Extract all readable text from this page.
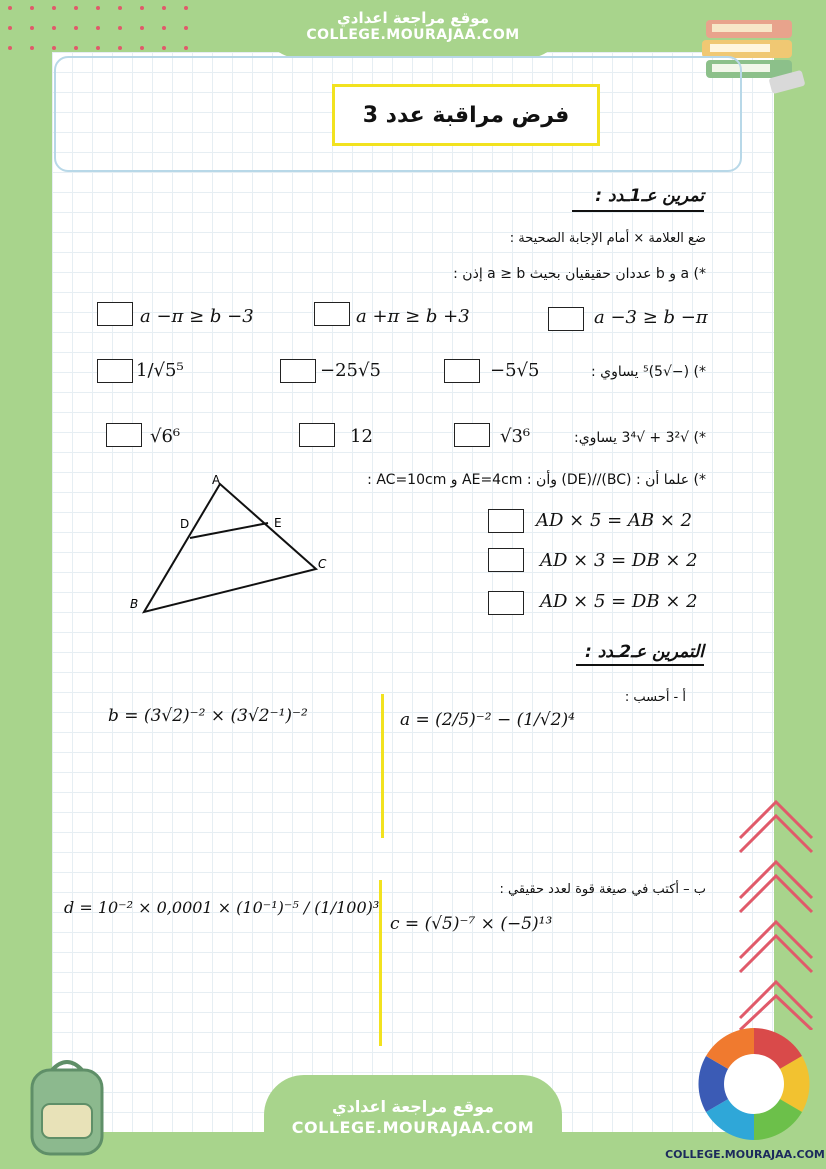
موقع مراجعة اعدادي
COLLEGE.MOURAJAA.COM
فرض مراقبة عدد 3
تمرين عـ1ـدد :
ضع العلامة × أمام الإجابة الصحيحة :
*) a و b عددان حقيقيان بحيث a ≥ b إذن :
a −3 ≥ b −π
a +π ≥ b +3
a −π ≥ b −3
*) (−√5)⁵ يساوي :
−5√5
−25√5
1/√5⁵
*) √3² + √3⁴ يساوي:
√3⁶
12
√6⁶
*) علما أن : (BC)//(DE) وأن : AE=4cm و AC=10cm :
A
D	E
B
C
AD × 5 = AB × 2
AD × 3 = DB × 2
AD × 5 = DB × 2
التمرين عـ2ـدد :
أ - أحسب :
a = (2/5)⁻² − (1/√2)⁴
b = (3√2)⁻² × (3√2⁻¹)⁻²
ب – أكتب في صيغة قوة لعدد حقيقي :
c = (√5)⁻⁷ × (−5)¹³
d = 10⁻² × 0,0001 × (10⁻¹)⁻⁵ / (1/100)³
موقع مراجعة اعدادي
COLLEGE.MOURAJAA.COM
COLLEGE.MOURAJAA.COM
